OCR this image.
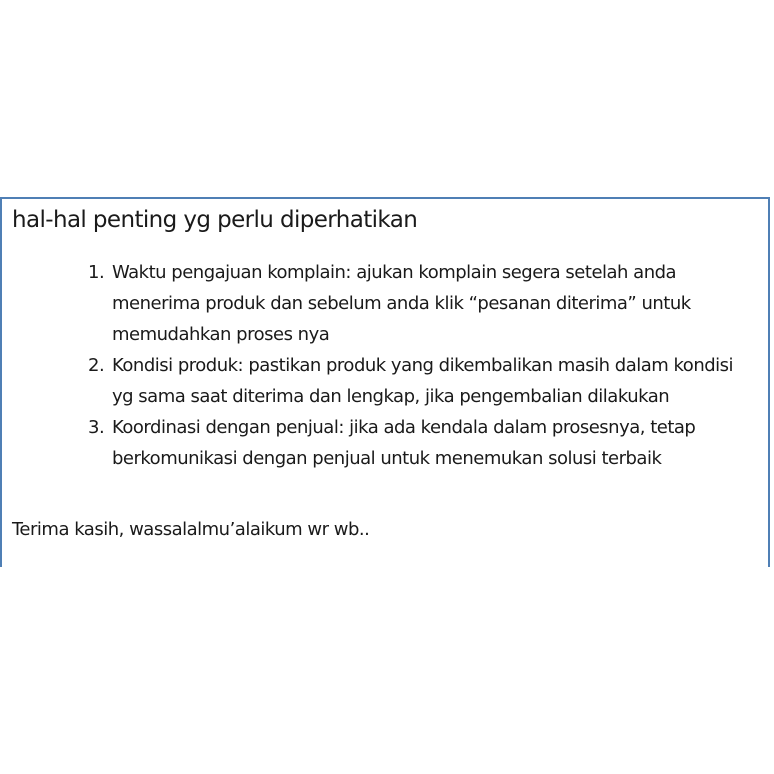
hal-hal penting yg perlu diperhatikan
1. Waktu pengajuan komplain: ajukan komplain segera setelah anda menerima produk dan sebelum anda klik “pesanan diterima” untuk memudahkan proses nya
2. Kondisi produk: pastikan produk yang dikembalikan masih dalam kondisi yg sama saat diterima dan lengkap, jika pengembalian dilakukan
3. Koordinasi dengan penjual: jika ada kendala dalam prosesnya, tetap berkomunikasi dengan penjual untuk menemukan solusi terbaik
Terima kasih, wassalalmu’alaikum wr wb..
